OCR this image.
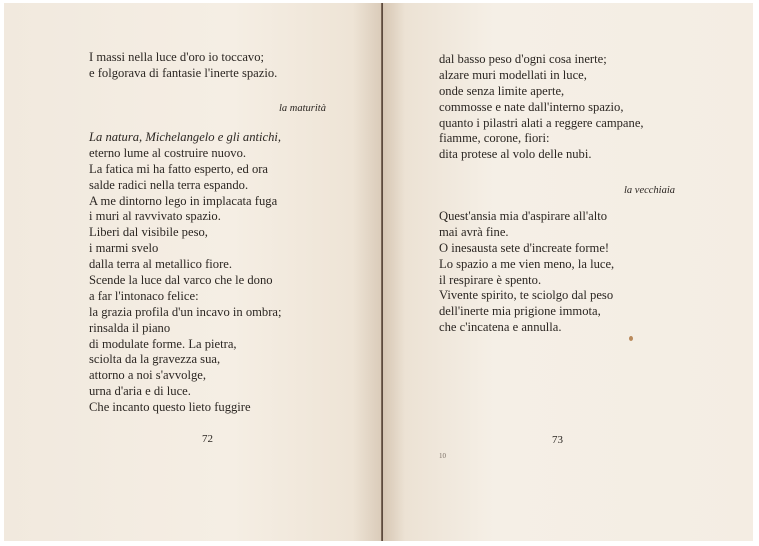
I massi nella luce d'oro io toccavo;
e folgorava di fantasie l'inerte spazio.
la maturità
La natura, Michelangelo e gli antichi,
eterno lume al costruire nuovo.
La fatica mi ha fatto esperto, ed ora
salde radici nella terra espando.
A me dintorno lego in implacata fuga
i muri al ravvivato spazio.
Liberi dal visibile peso,
i marmi svelo
dalla terra al metallico fiore.
Scende la luce dal varco che le dono
a far l'intonaco felice:
la grazia profila d'un incavo in ombra;
rinsalda il piano
di modulate forme. La pietra,
sciolta da la gravezza sua,
attorno a noi s'avvolge,
urna d'aria e di luce.
Che incanto questo lieto fuggire
72
dal basso peso d'ogni cosa inerte;
alzare muri modellati in luce,
onde senza limite aperte,
commosse e nate dall'interno spazio,
quanto i pilastri alati a reggere campane,
fiamme, corone, fiori:
dita protese al volo delle nubi.
la vecchiaia
Quest'ansia mia d'aspirare all'alto
mai avrà fine.
O inesausta sete d'increate forme!
Lo spazio a me vien meno, la luce,
il respirare è spento.
Vivente spirito, te sciolgo dal peso
dell'inerte mia prigione immota,
che c'incatena e annulla.
73
10
